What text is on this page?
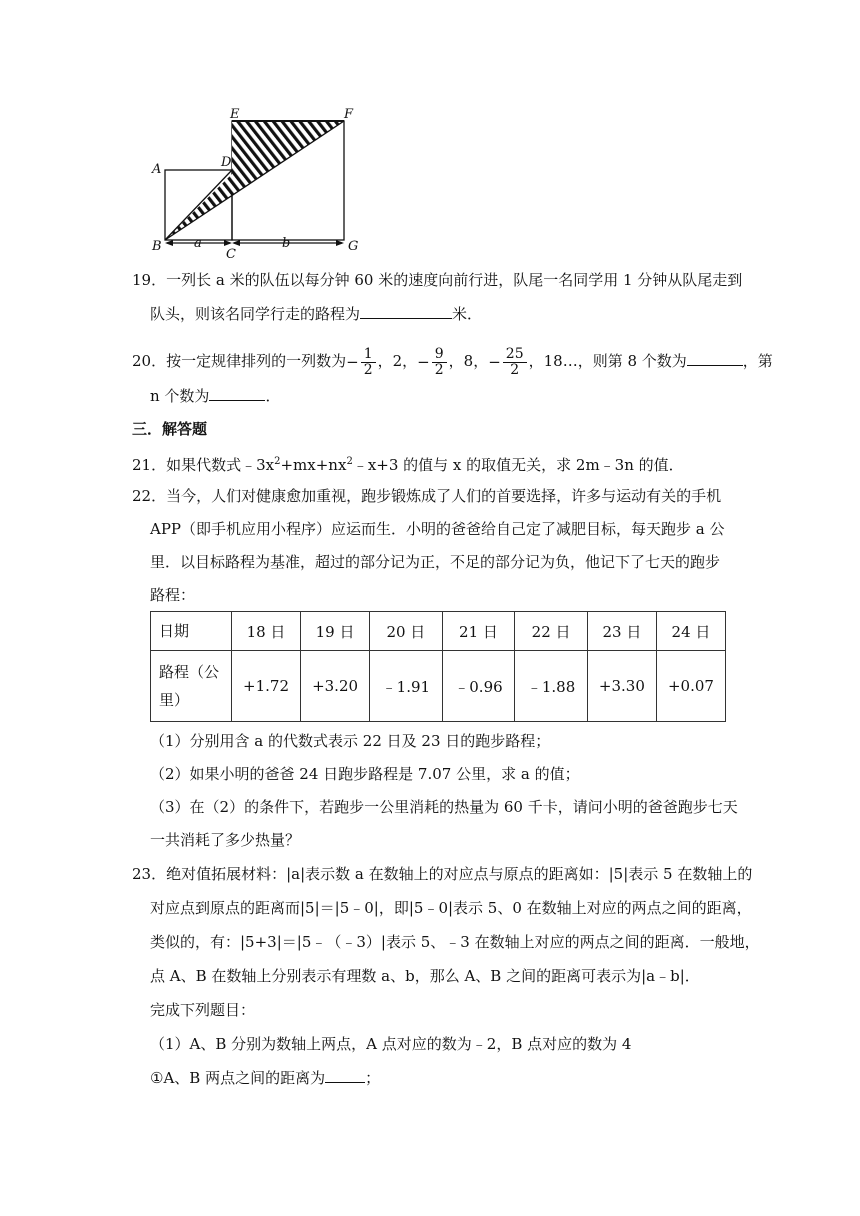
A
B
C
D
E	F
G
a	b
19．一列长 a 米的队伍以每分钟 60 米的速度向前行进，队尾一名同学用 1 分钟从队尾走到
队头，则该名同学行走的路程为	米．
20．按一定规律排列的一列数为− $\frac{1}{2}$ ，2，− $\frac{9}{2}$ ，8，− $\frac{25}{2}$ ，18…，则第 8 个数为	，第
n 个数为	．
三．解答题
21．如果代数式$﹣3x^2+mx+nx^2﹣x+3$ 的值与 x 的取值无关，求 2m﹣3n 的值．
22．当今，人们对健康愈加重视，跑步锻炼成了人们的首要选择，许多与运动有关的手机
APP（即手机应用小程序）应运而生．小明的爸爸给自己定了减肥目标，每天跑步 a 公
里．以目标路程为基准，超过的部分记为正，不足的部分记为负，他记下了七天的跑步
路程：
日期	18 日	19 日	20 日	21 日	22 日	23 日	24 日
路程（公
里）	+1.72	+3.20	﹣1.91	﹣0.96	﹣1.88	+3.30	+0.07
（1）分别用含 a 的代数式表示 22 日及 23 日的跑步路程；
（2）如果小明的爸爸 24 日跑步路程是 7.07 公里，求 a 的值；
（3）在（2）的条件下，若跑步一公里消耗的热量为 60 千卡，请问小明的爸爸跑步七天
一共消耗了多少热量？
23．绝对值拓展材料：|a|表示数 a 在数轴上的对应点与原点的距离如：|5|表示 5 在数轴上的
对应点到原点的距离而|5|＝|5﹣0|，即|5﹣0|表示 5、0 在数轴上对应的两点之间的距离，
类似的，有：|5+3|＝|5﹣（﹣3）|表示 5、﹣3 在数轴上对应的两点之间的距离．一般地，
点 A、B 在数轴上分别表示有理数 a、b，那么 A、B 之间的距离可表示为|a﹣b|．
完成下列题目：
（1）A、B 分别为数轴上两点，A 点对应的数为﹣2，B 点对应的数为 4
①A、B 两点之间的距离为	；
